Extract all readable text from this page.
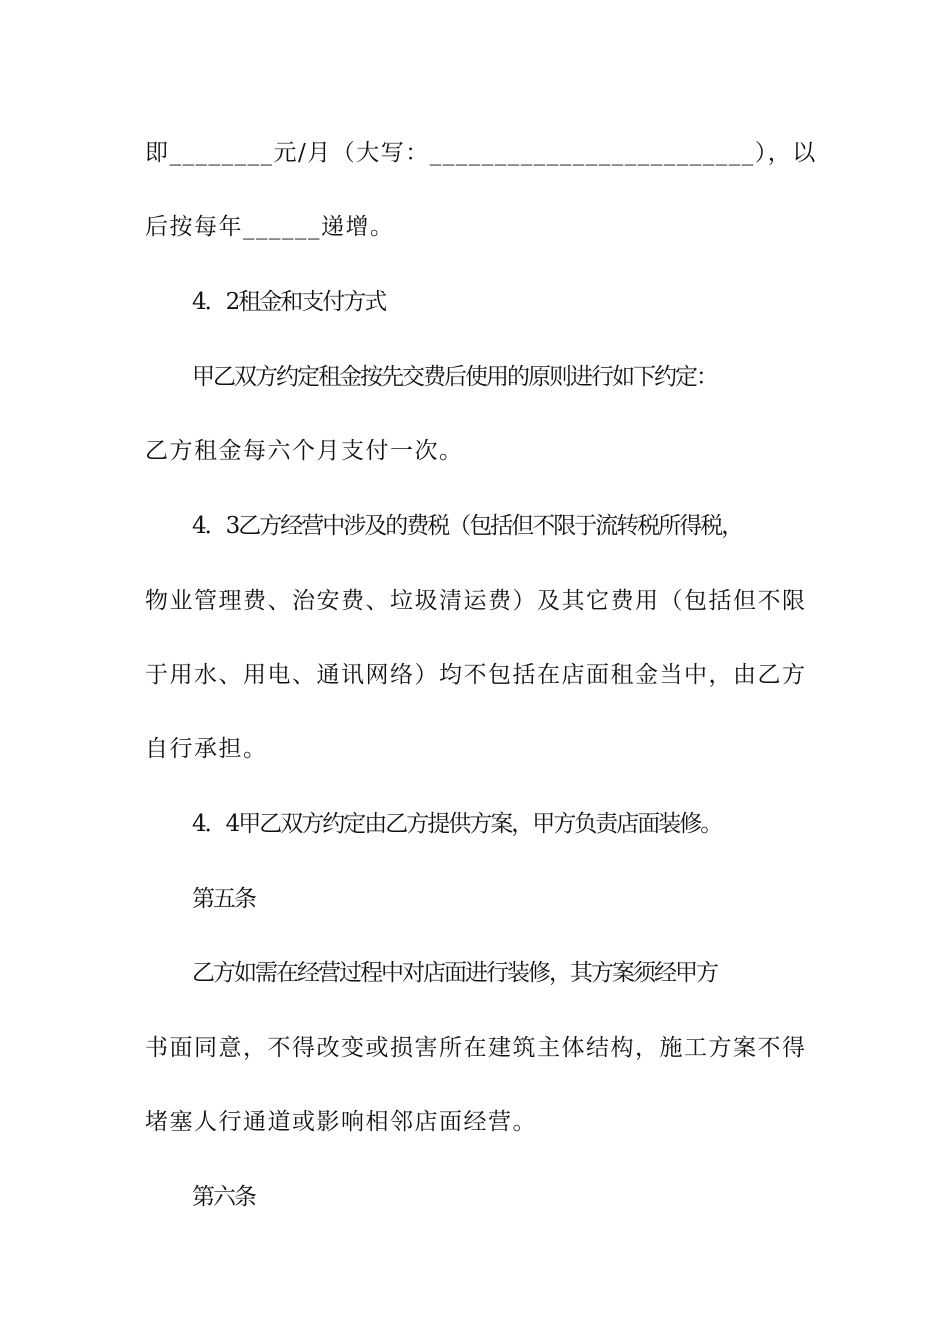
即________元/月（大写：_________________________），以
后按每年______递增。
4．2租金和支付方式
甲乙双方约定租金按先交费后使用的原则进行如下约定：
乙方租金每六个月支付一次。
4．3乙方经营中涉及的费税（包括但不限于流转税所得税，
物业管理费、治安费、垃圾清运费）及其它费用（包括但不限
于用水、用电、通讯网络）均不包括在店面租金当中，由乙方
自行承担。
4．4甲乙双方约定由乙方提供方案，甲方负责店面装修。
第五条
乙方如需在经营过程中对店面进行装修，其方案须经甲方
书面同意，不得改变或损害所在建筑主体结构，施工方案不得
堵塞人行通道或影响相邻店面经营。
第六条
